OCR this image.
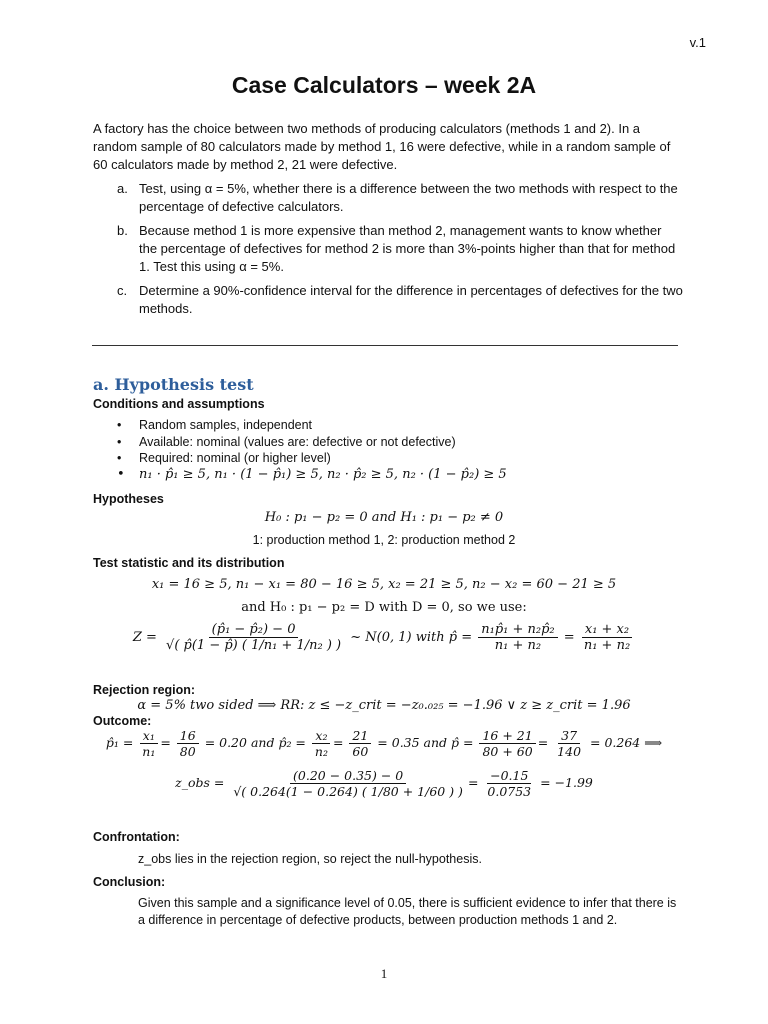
v.1
Case Calculators – week 2A

A factory has the choice between two methods of producing calculators (methods 1 and 2). In a random sample of 80 calculators made by method 1, 16 were defective, while in a random sample of 60 calculators made by method 2, 21 were defective.

a. Test, using α = 5%, whether there is a difference between the two methods with respect to the percentage of defective calculators.
b. Because method 1 is more expensive than method 2, management wants to know whether the percentage of defectives for method 2 is more than 3%-points higher than that for method 1. Test this using α = 5%.
c. Determine a 90%-confidence interval for the difference in percentages of defectives for the two methods.
a. Hypothesis test
Conditions and assumptions
• Random samples, independent
• Available: nominal (values are: defective or not defective)
• Required: nominal (or higher level)
• n₁ · p̂₁ ≥ 5, n₁ · (1 − p̂₁) ≥ 5, n₂ · p̂₂ ≥ 5, n₂ · (1 − p̂₂) ≥ 5
Hypotheses
H₀ : p₁ − p₂ = 0 and H₁ : p₁ − p₂ ≠ 0
1: production method 1, 2: production method 2
Test statistic and its distribution
x₁ = 16 ≥ 5, n₁ − x₁ = 80 − 16 ≥ 5, x₂ = 21 ≥ 5, n₂ − x₂ = 60 − 21 ≥ 5
and H₀ : p₁ − p₂ = D with D = 0, so we use:
$Z = \frac{\text{(p̂₁ − p̂₂) − 0}}{\text{√( p̂(1 − p̂) ( 1/n₁ + 1/n₂ ) )}}$ ~ N(0, 1) with p̂ = $\frac{\text{n₁p̂₁ + n₂p̂₂}}{\text{n₁ + n₂}} = \frac{\text{x₁ + x₂}}{\text{n₁ + n₂}}$
Rejection region:
α = 5% two sided ⟹ RR: z ≤ −z_crit = −z₀.₀₂₅ = −1.96 ∨ z ≥ z_crit = 1.96
Outcome:
p̂₁ = $\frac{\text{x₁}}{\text{n₁}} = \frac{16}{80} = 0.20$ and p̂₂ = $\frac{\text{x₂}}{\text{n₂}} = \frac{21}{60} = 0.35$ and p̂ = $\frac{16 + 21}{80 + 60} = \frac{37}{140} = 0.264$ ⟹
z_obs = $\frac{(0.20 - 0.35) - 0}{√( 0.264(1 - 0.264) ( 1/80 + 1/60 ) )} = \frac{-0.15}{0.0753} = -1.99$
Confrontation:

z_obs lies in the rejection region, so reject the null-hypothesis.

Conclusion:

Given this sample and a significance level of 0.05, there is sufficient evidence to infer that there is a difference in percentage of defective products, between production methods 1 and 2.

1
